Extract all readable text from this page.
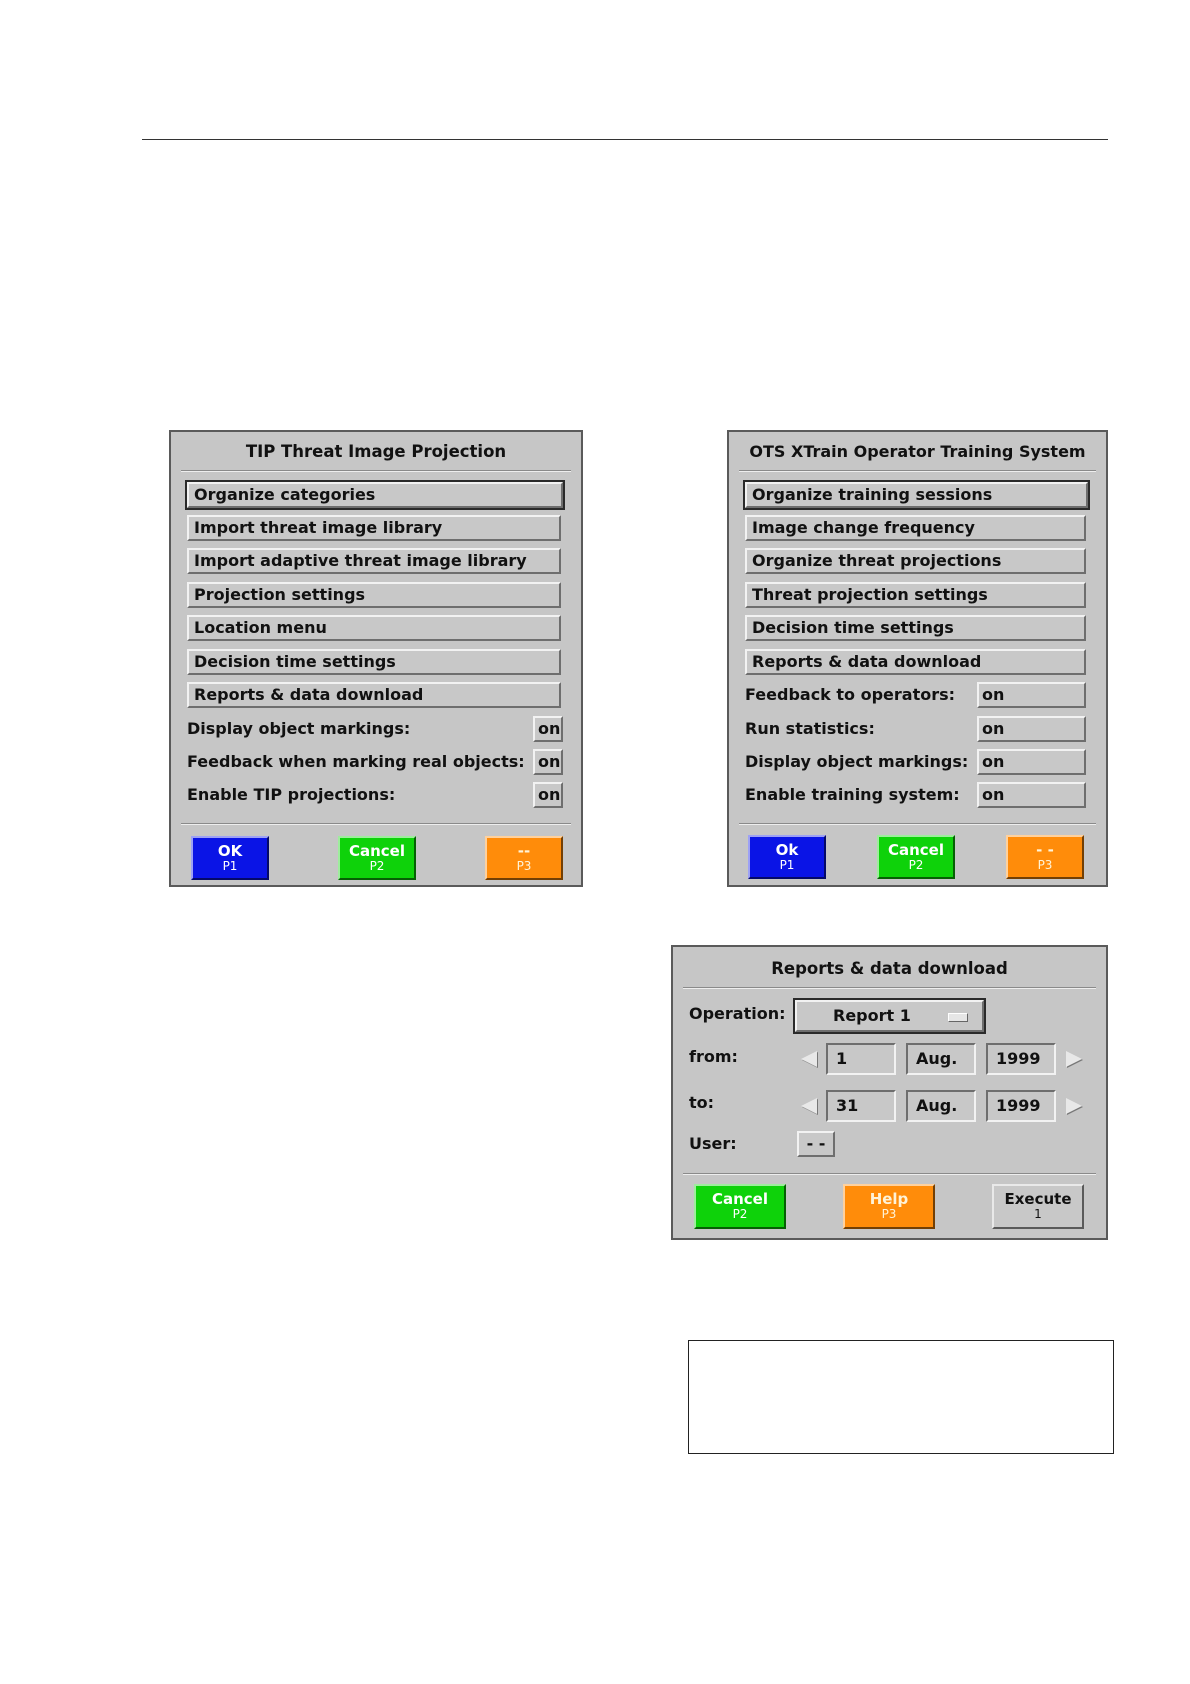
TIP Threat Image Projection
Organize categories
Import threat image library
Import adaptive threat image library
Projection settings
Location menu
Decision time settings
Reports & data download
Display object markings:	on
Feedback when marking real objects: on
Enable TIP projections:	on
OK
P1
Cancel
P2
--
P3
OTS XTrain Operator Training System
Organize training sessions
Image change frequency
Organize threat projections
Threat projection settings
Decision time settings
Reports & data download
Feedback to operators:	on
Run statistics:	on
Display object markings: on
Enable training system:	on
Ok
P1
Cancel
P2
- -
P3
Reports & data download
Operation:	Report 1
from:	1	Aug.	1999
to:	31	Aug.	1999
User:	- -
Cancel
P2
Help
P3
Execute
1
